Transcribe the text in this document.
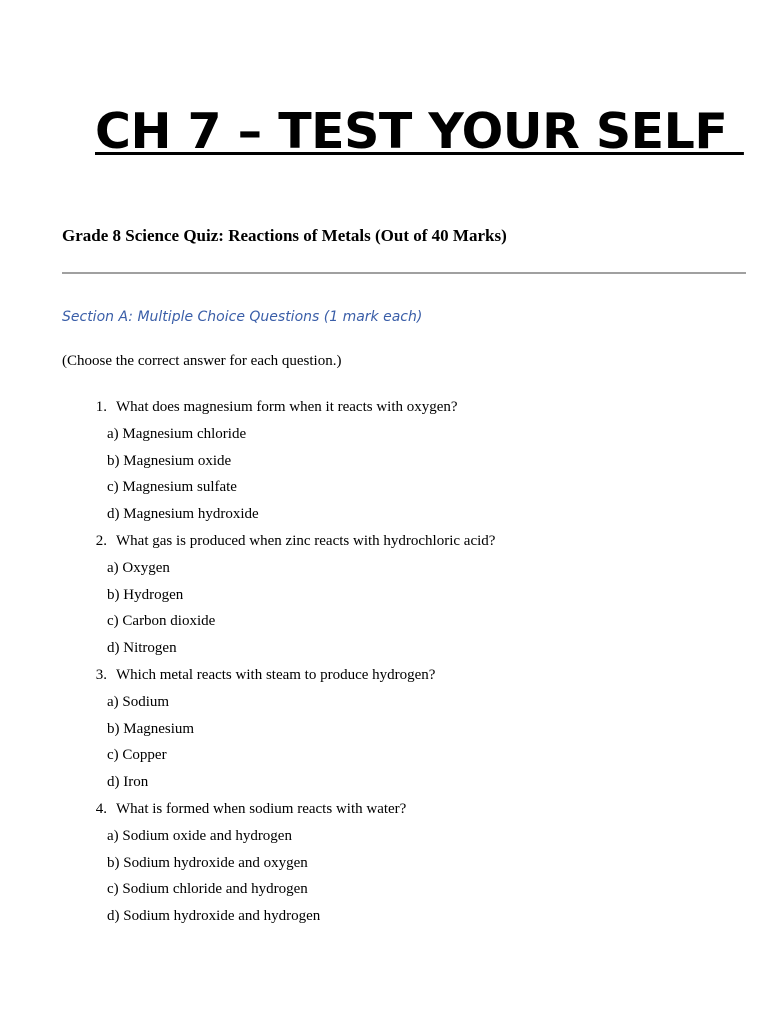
CH 7 – TEST YOUR SELF

Grade 8 Science Quiz: Reactions of Metals (Out of 40 Marks)

Section A: Multiple Choice Questions (1 mark each)

(Choose the correct answer for each question.)

1. What does magnesium form when it reacts with oxygen?
a) Magnesium chloride
b) Magnesium oxide
c) Magnesium sulfate
d) Magnesium hydroxide
2. What gas is produced when zinc reacts with hydrochloric acid?
a) Oxygen
b) Hydrogen
c) Carbon dioxide
d) Nitrogen
3. Which metal reacts with steam to produce hydrogen?
a) Sodium
b) Magnesium
c) Copper
d) Iron
4. What is formed when sodium reacts with water?
a) Sodium oxide and hydrogen
b) Sodium hydroxide and oxygen
c) Sodium chloride and hydrogen
d) Sodium hydroxide and hydrogen
